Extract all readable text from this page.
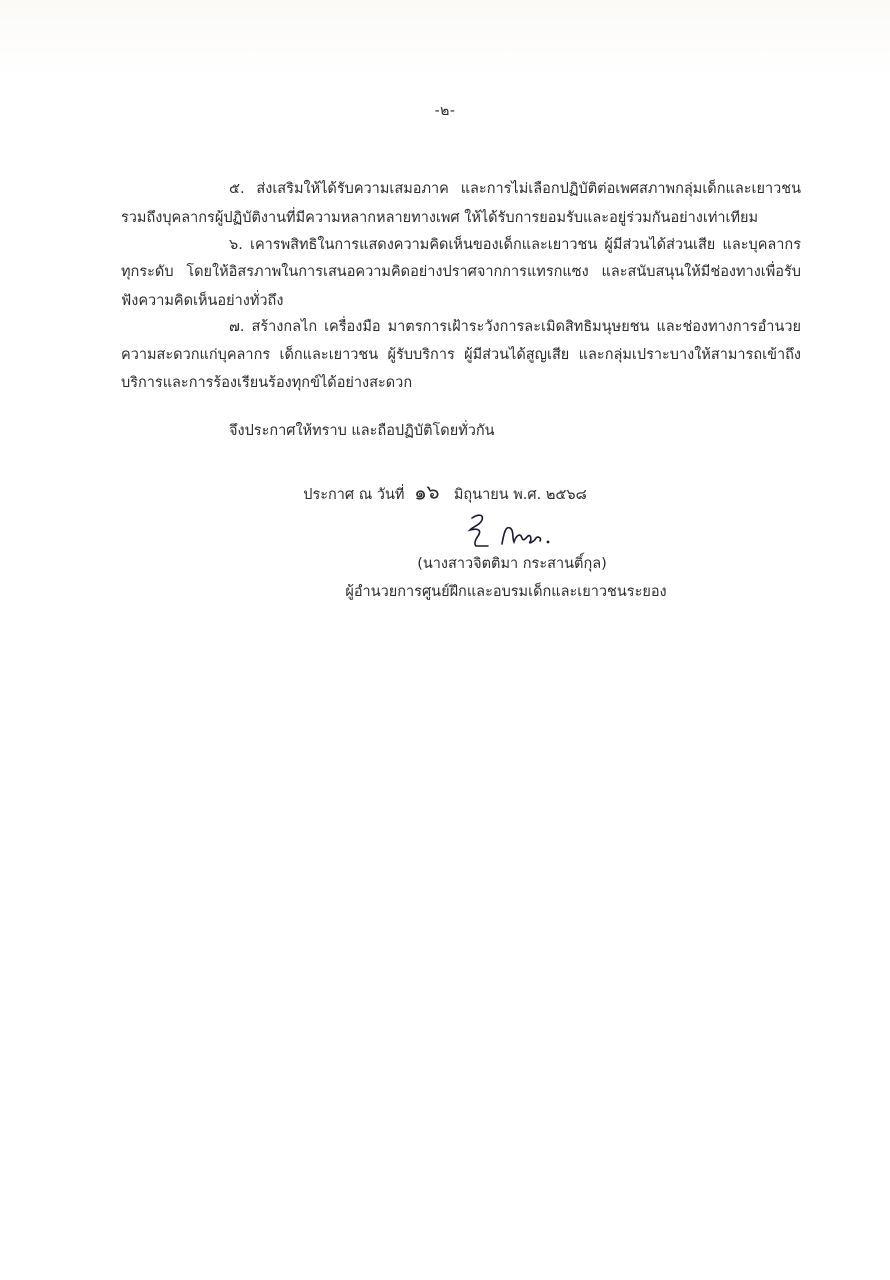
-๒-
๕. ส่งเสริมให้ได้รับความเสมอภาค และการไม่เลือกปฏิบัติต่อเพศสภาพกลุ่มเด็กและเยาวชน
รวมถึงบุคลากรผู้ปฏิบัติงานที่มีความหลากหลายทางเพศ ให้ได้รับการยอมรับและอยู่ร่วมกันอย่างเท่าเทียม
๖. เคารพสิทธิในการแสดงความคิดเห็นของเด็กและเยาวชน ผู้มีส่วนได้ส่วนเสีย และบุคลากร
ทุกระดับ โดยให้อิสรภาพในการเสนอความคิดอย่างปราศจากการแทรกแซง และสนับสนุนให้มีช่องทางเพื่อรับ
ฟังความคิดเห็นอย่างทั่วถึง
๗. สร้างกลไก เครื่องมือ มาตรการเฝ้าระวังการละเมิดสิทธิมนุษยชน และช่องทางการอำนวย
ความสะดวกแก่บุคลากร เด็กและเยาวชน ผู้รับบริการ ผู้มีส่วนได้สูญเสีย และกลุ่มเปราะบางให้สามารถเข้าถึง
บริการและการร้องเรียนร้องทุกข์ได้อย่างสะดวก
จึงประกาศให้ทราบ และถือปฏิบัติโดยทั่วกัน
ประกาศ ณ วันที่ ๑๖ มิถุนายน พ.ศ. ๒๕๖๘
(นางสาวจิตติมา กระสานติ์กุล)
ผู้อำนวยการศูนย์ฝึกและอบรมเด็กและเยาวชนระยอง
